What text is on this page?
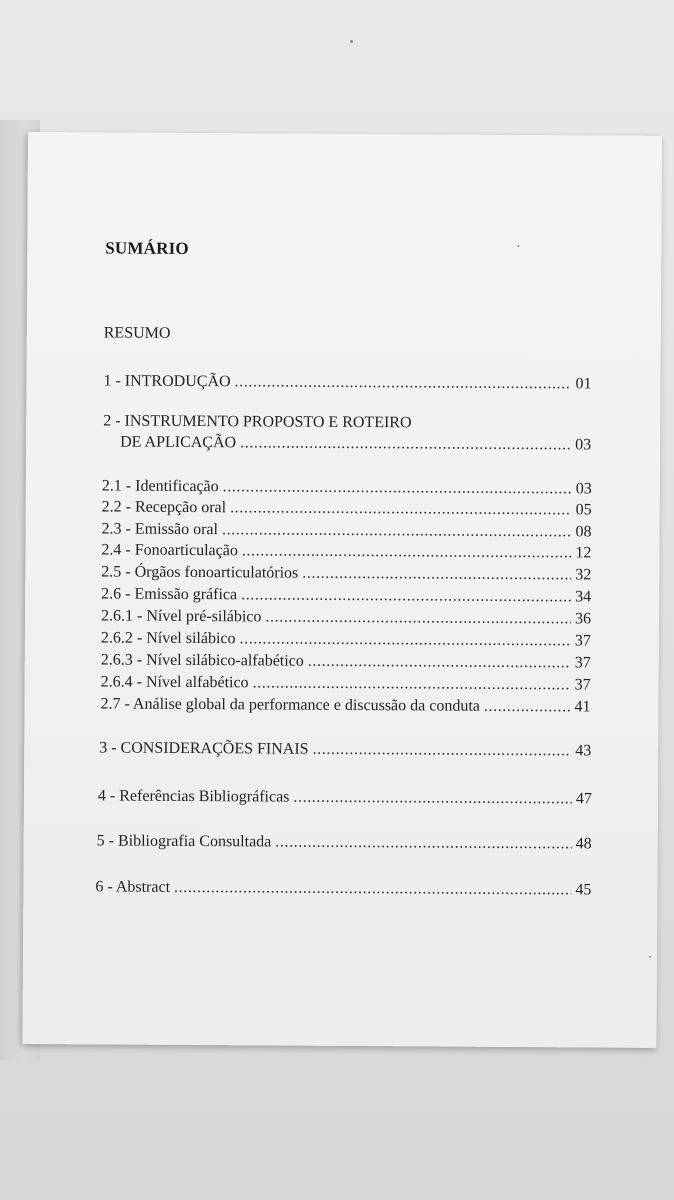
SUMÁRIO
RESUMO
1 - INTRODUÇÃO .....	01
2 - INSTRUMENTO PROPOSTO E ROTEIRO
DE APLICAÇÃO .....	03
2.1 - Identificação .....	03
2.2 - Recepção oral .....	05
2.3 - Emissão oral .....	08
2.4 - Fonoarticulação .....	12
2.5 - Órgãos fonoarticulatórios .....	32
2.6 - Emissão gráfica .....	34
2.6.1 - Nível pré-silábico .....	36
2.6.2 - Nível silábico .....	37
2.6.3 - Nível silábico-alfabético .....	37
2.6.4 - Nível alfabético .....	37
2.7 - Análise global da performance e discussão da conduta .....	41
3 - CONSIDERAÇÕES FINAIS .....	43
4 - Referências Bibliográficas .....	47
5 - Bibliografia Consultada .....	48
6 - Abstract .....	45
